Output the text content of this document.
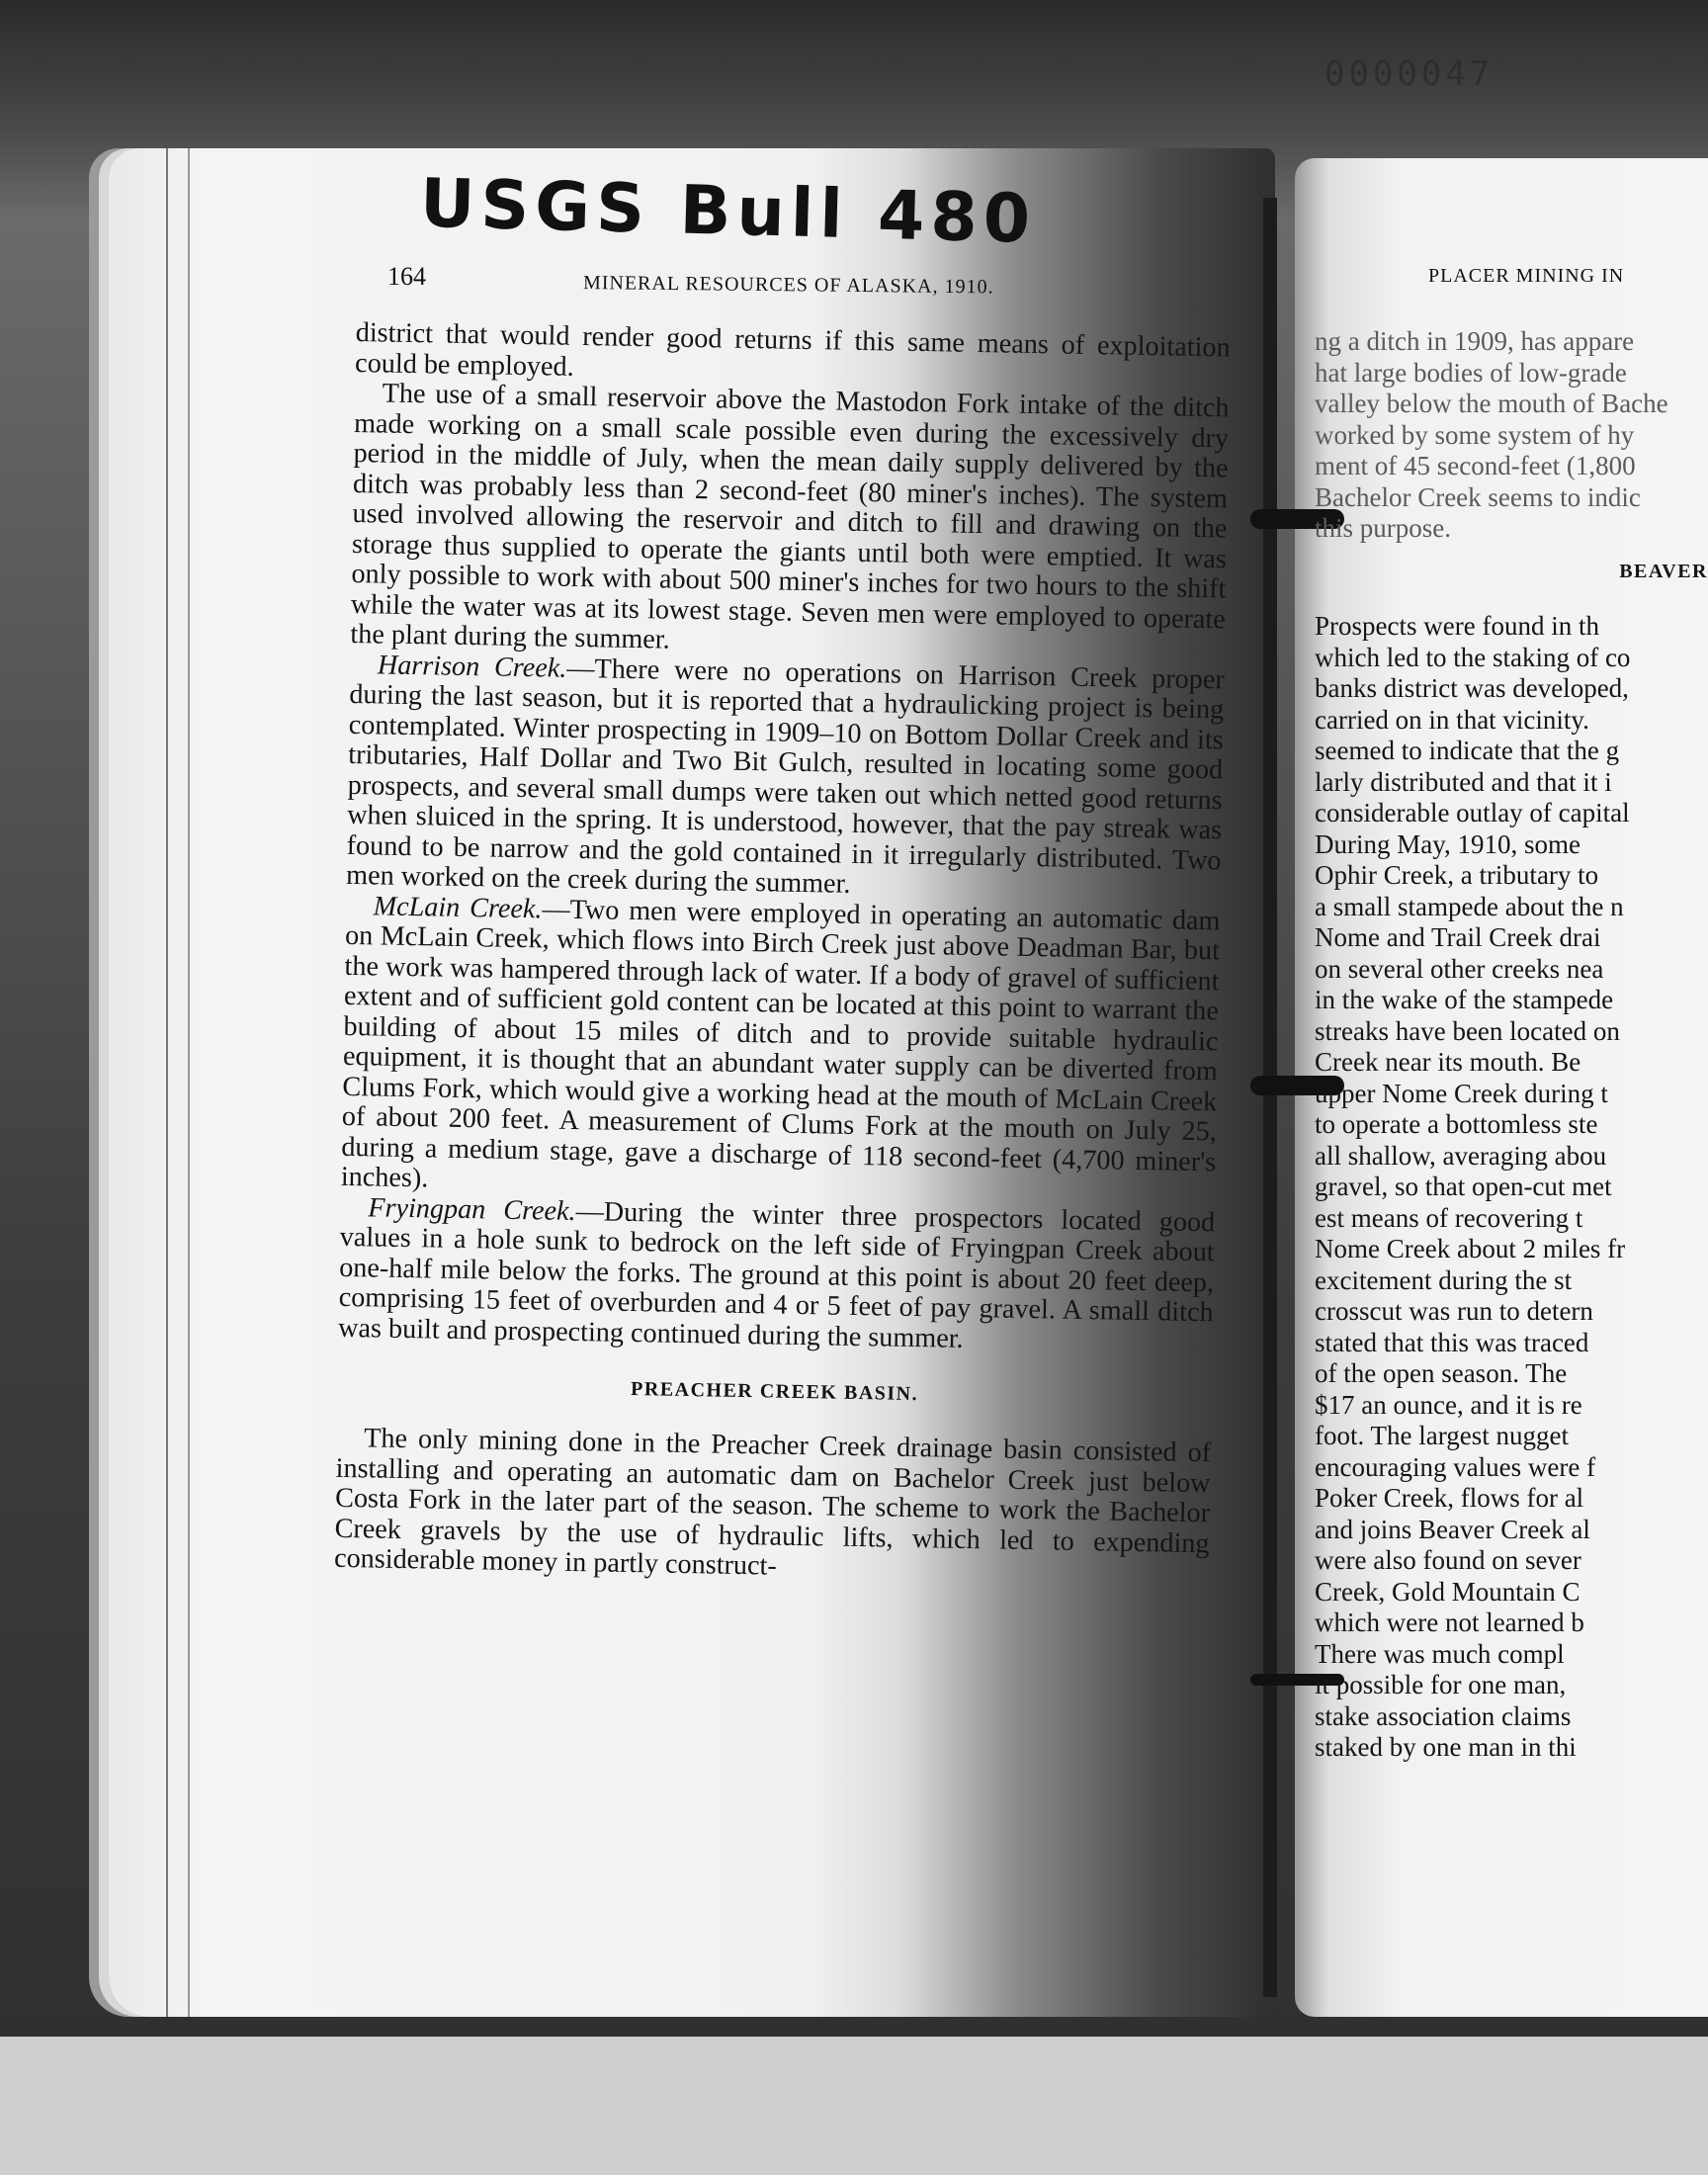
0000047
USGS Bull 480
164	MINERAL RESOURCES OF ALASKA, 1910.

district that would render good returns if this same means of exploitation could be employed.

The use of a small reservoir above the Mastodon Fork intake of the ditch made working on a small scale possible even during the excessively dry period in the middle of July, when the mean daily supply delivered by the ditch was probably less than 2 second-feet (80 miner's inches). The system used involved allowing the reservoir and ditch to fill and drawing on the storage thus supplied to operate the giants until both were emptied. It was only possible to work with about 500 miner's inches for two hours to the shift while the water was at its lowest stage. Seven men were employed to operate the plant during the summer.

Harrison Creek.—There were no operations on Harrison Creek proper during the last season, but it is reported that a hydraulicking project is being contemplated. Winter prospecting in 1909–10 on Bottom Dollar Creek and its tributaries, Half Dollar and Two Bit Gulch, resulted in locating some good prospects, and several small dumps were taken out which netted good returns when sluiced in the spring. It is understood, however, that the pay streak was found to be narrow and the gold contained in it irregularly distributed. Two men worked on the creek during the summer.

McLain Creek.—Two men were employed in operating an automatic dam on McLain Creek, which flows into Birch Creek just above Deadman Bar, but the work was hampered through lack of water. If a body of gravel of sufficient extent and of sufficient gold content can be located at this point to warrant the building of about 15 miles of ditch and to provide suitable hydraulic equipment, it is thought that an abundant water supply can be diverted from Clums Fork, which would give a working head at the mouth of McLain Creek of about 200 feet. A measurement of Clums Fork at the mouth on July 25, during a medium stage, gave a discharge of 118 second-feet (4,700 miner's inches).

Fryingpan Creek.—During the winter three prospectors located good values in a hole sunk to bedrock on the left side of Fryingpan Creek about one-half mile below the forks. The ground at this point is about 20 feet deep, comprising 15 feet of overburden and 4 or 5 feet of pay gravel. A small ditch was built and prospecting continued during the summer.

PREACHER CREEK BASIN.

The only mining done in the Preacher Creek drainage basin consisted of installing and operating an automatic dam on Bachelor Creek just below Costa Fork in the later part of the season. The scheme to work the Bachelor Creek gravels by the use of hydraulic lifts, which led to expending considerable money in partly construct-

PLACER MINING IN
ng a ditch in 1909, has appare
hat large bodies of low-grade
valley below the mouth of Bache
worked by some system of hy
ment of 45 second-feet (1,800
Bachelor Creek seems to indic
this purpose.
BEAVER
Prospects were found in th
which led to the staking of co
banks district was developed,
carried on in that vicinity.
seemed to indicate that the g
larly distributed and that it i
considerable outlay of capital
During May, 1910, some
Ophir Creek, a tributary to
a small stampede about the n
Nome and Trail Creek drai
on several other creeks nea
in the wake of the stampede
streaks have been located on
Creek near its mouth. Be
upper Nome Creek during t
to operate a bottomless ste
all shallow, averaging abou
gravel, so that open-cut met
est means of recovering t
Nome Creek about 2 miles fr
excitement during the st
crosscut was run to detern
stated that this was traced
of the open season. The
$17 an ounce, and it is re
foot. The largest nugget
encouraging values were f
Poker Creek, flows for al
and joins Beaver Creek al
were also found on sever
Creek, Gold Mountain C
which were not learned b
There was much compl
it possible for one man,
stake association claims
staked by one man in thi
